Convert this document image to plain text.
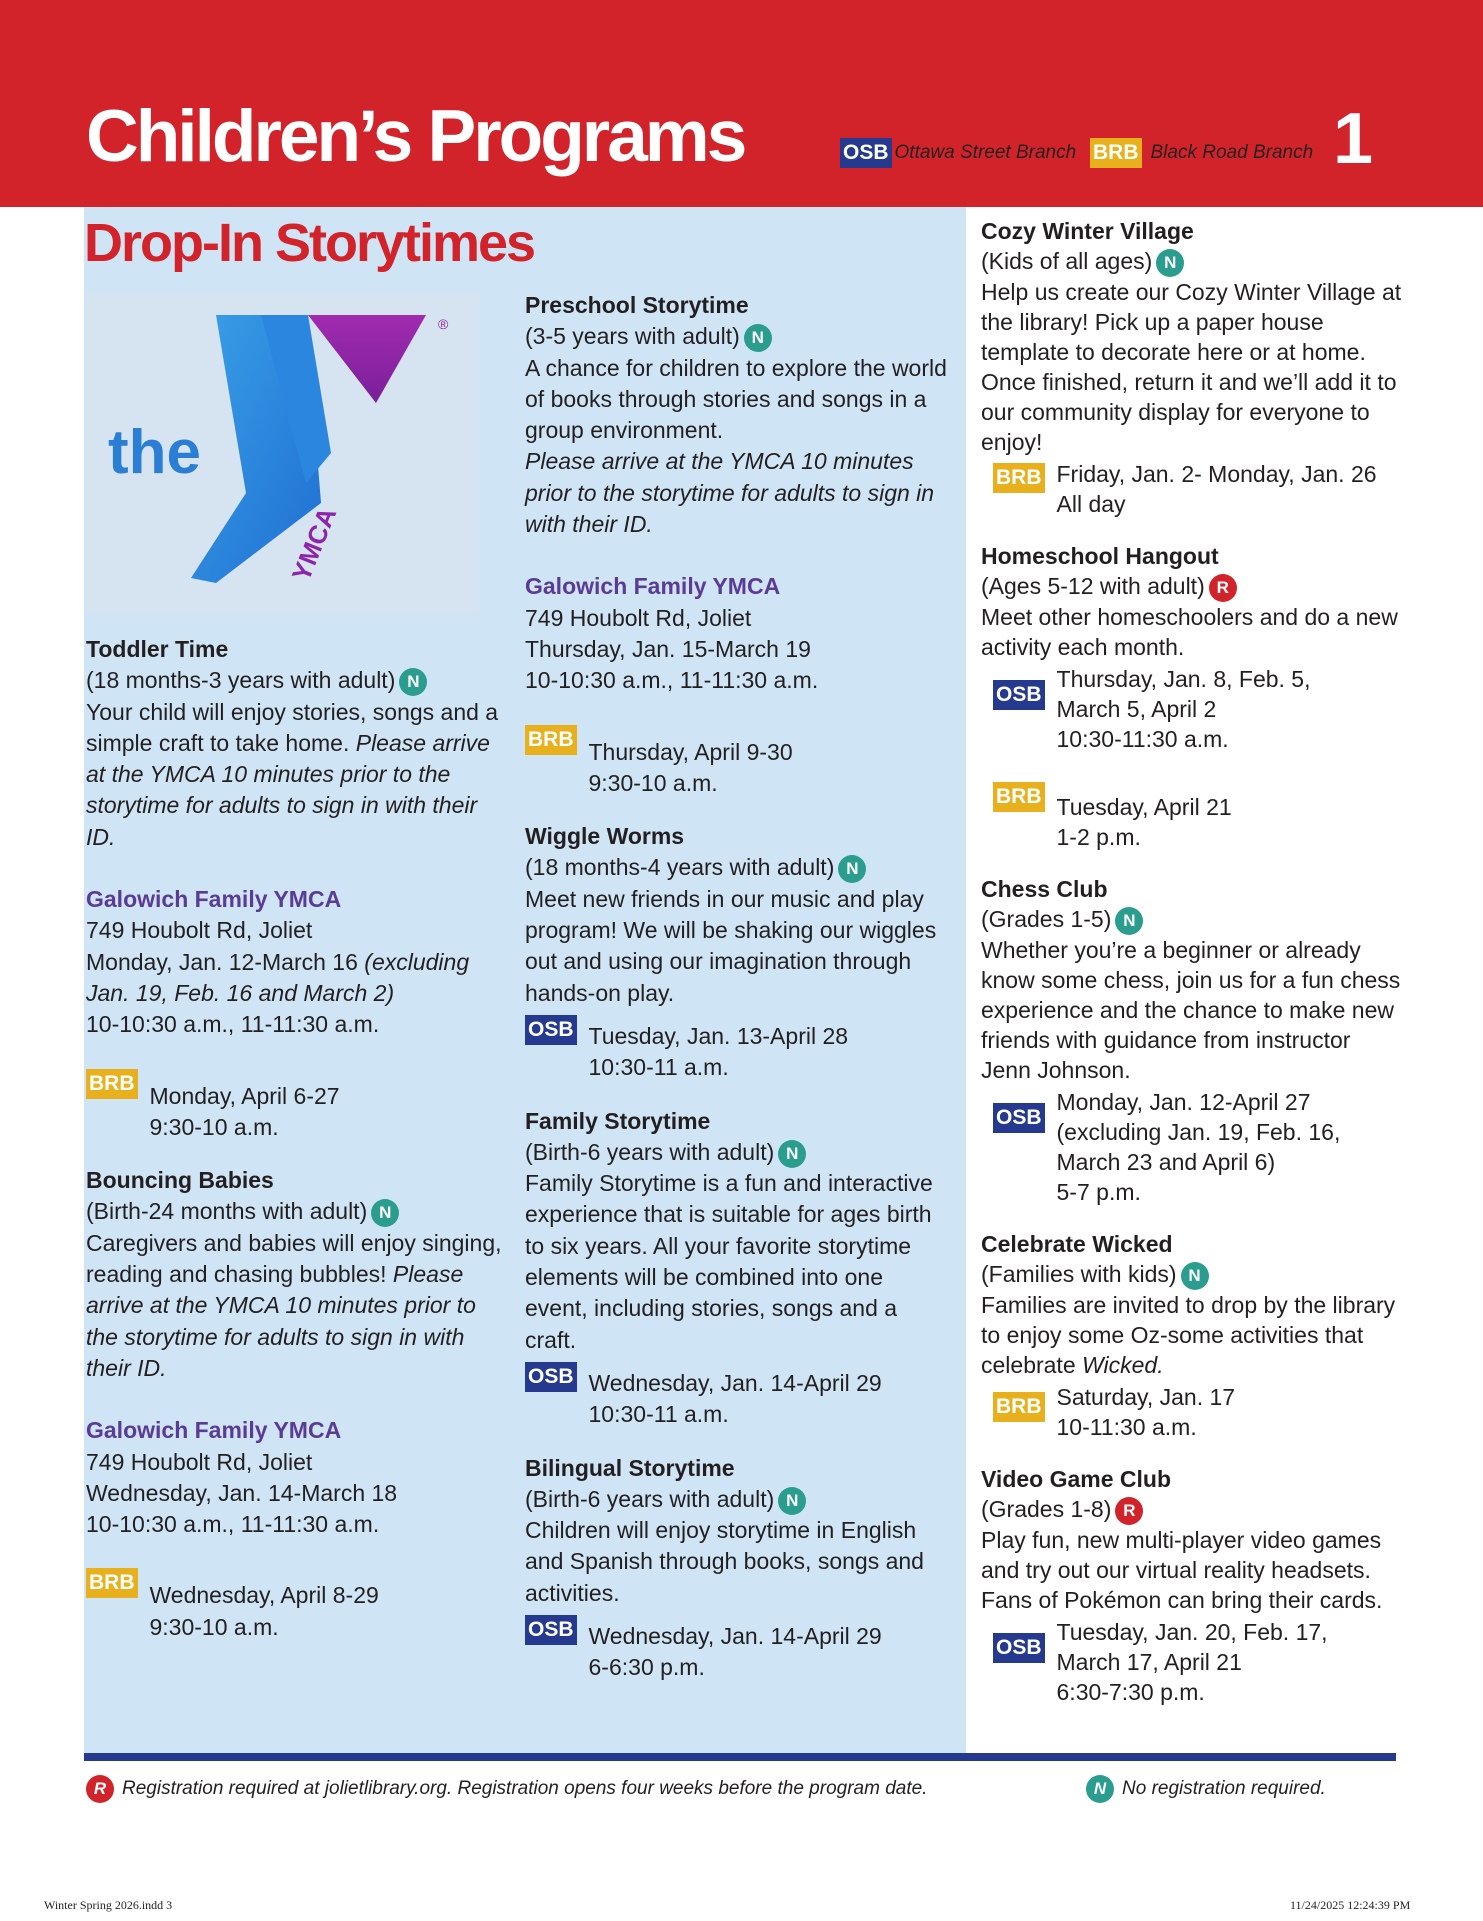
Children’s Programs	OSB Ottawa Street Branch BRB Black Road Branch 1
Drop-In Storytimes
®
the
YMCA

Toddler Time

(18 months-3 years with adult) N

Your child will enjoy stories, songs and a simple craft to take home. Please arrive at the YMCA 10 minutes prior to the storytime for adults to sign in with their ID.

Galowich Family YMCA

749 Houbolt Rd, Joliet

Monday, Jan. 12-March 16 (excluding Jan. 19, Feb. 16 and March 2)

10-10:30 a.m., 11-11:30 a.m.

BRB Monday, April 6-27

9:30-10 a.m.

Bouncing Babies

(Birth-24 months with adult) N

Caregivers and babies will enjoy singing, reading and chasing bubbles! Please arrive at the YMCA 10 minutes prior to the storytime for adults to sign in with their ID.

Galowich Family YMCA

749 Houbolt Rd, Joliet

Wednesday, Jan. 14-March 18

10-10:30 a.m., 11-11:30 a.m.

BRB Wednesday, April 8-29

9:30-10 a.m.

Preschool Storytime

(3-5 years with adult) N

A chance for children to explore the world of books through stories and songs in a group environment.

Please arrive at the YMCA 10 minutes prior to the storytime for adults to sign in with their ID.

Galowich Family YMCA

749 Houbolt Rd, Joliet

Thursday, Jan. 15-March 19

10-10:30 a.m., 11-11:30 a.m.

BRB Thursday, April 9-30

9:30-10 a.m.

Wiggle Worms

(18 months-4 years with adult) N

Meet new friends in our music and play program! We will be shaking our wiggles out and using our imagination through hands-on play.

OSB Tuesday, Jan. 13-April 28

10:30-11 a.m.

Family Storytime

(Birth-6 years with adult) N

Family Storytime is a fun and interactive experience that is suitable for ages birth to six years. All your favorite storytime elements will be combined into one event, including stories, songs and a craft.

OSB Wednesday, Jan. 14-April 29

10:30-11 a.m.

Bilingual Storytime

(Birth-6 years with adult) N

Children will enjoy storytime in English and Spanish through books, songs and activities.

OSB Wednesday, Jan. 14-April 29

6-6:30 p.m.

Cozy Winter Village

(Kids of all ages) N

Help us create our Cozy Winter Village at the library! Pick up a paper house template to decorate here or at home. Once finished, return it and we’ll add it to our community display for everyone to enjoy!

BRB Friday, Jan. 2- Monday, Jan. 26

All day

Homeschool Hangout

(Ages 5-12 with adult) R

Meet other homeschoolers and do a new activity each month.

OSB

Thursday, Jan. 8, Feb. 5,

March 5, April 2

10:30-11:30 a.m.

BRB Tuesday, April 21

1-2 p.m.

Chess Club

(Grades 1-5) N

Whether you’re a beginner or already know some chess, join us for a fun chess experience and the chance to make new friends with guidance from instructor Jenn Johnson.

OSB

Monday, Jan. 12-April 27

(excluding Jan. 19, Feb. 16,

March 23 and April 6)

5-7 p.m.

Celebrate Wicked

(Families with kids) N

Families are invited to drop by the library to enjoy some Oz-some activities that celebrate Wicked.

BRB Saturday, Jan. 17

10-11:30 a.m.

Video Game Club

(Grades 1-8) R

Play fun, new multi-player video games and try out our virtual reality headsets. Fans of Pokémon can bring their cards.

OSB

Tuesday, Jan. 20, Feb. 17,

March 17, April 21

6:30-7:30 p.m.

R Registration required at jolietlibrary.org. Registration opens four weeks before the program date.	N No registration required.
Winter Spring 2026.indd 3	11/24/2025 12:24:39 PM
